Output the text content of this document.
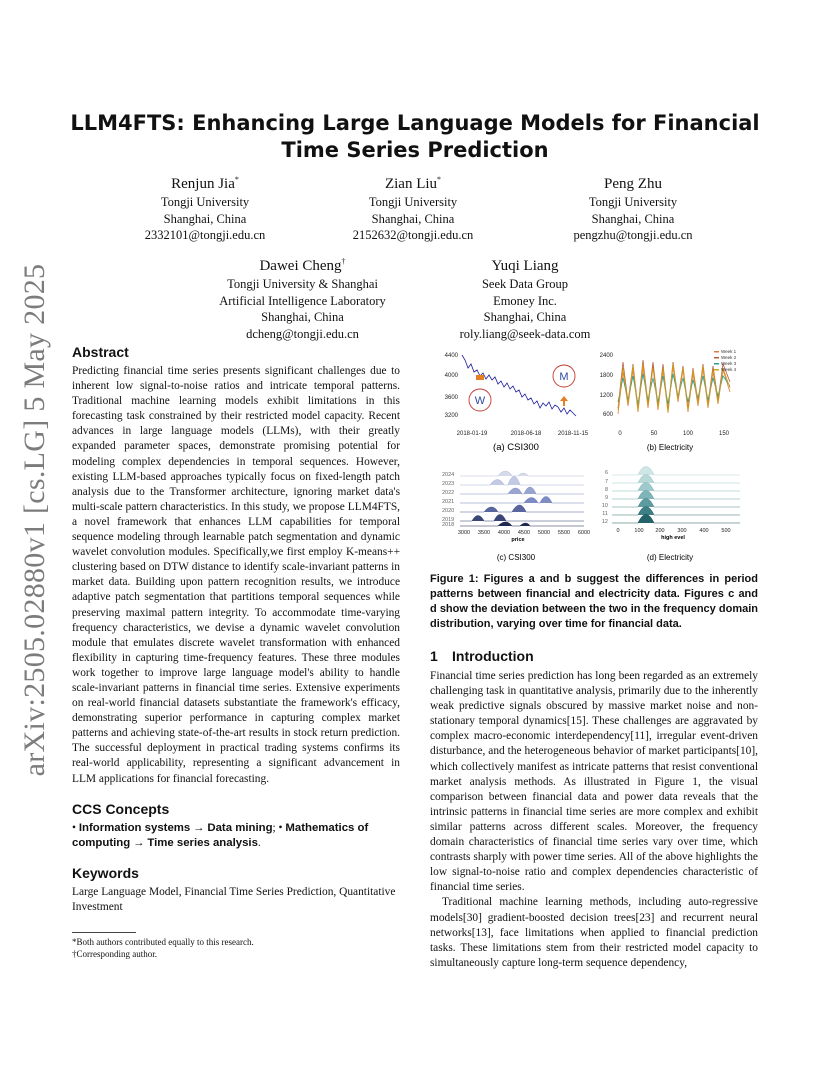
arXiv:2505.02880v1 [cs.LG] 5 May 2025
LLM4FTS: Enhancing Large Language Models for Financial Time Series Prediction
Renjun Jia*
Tongji University
Shanghai, China
2332101@tongji.edu.cn
Zian Liu*
Tongji University
Shanghai, China
2152632@tongji.edu.cn
Peng Zhu
Tongji University
Shanghai, China
pengzhu@tongji.edu.cn
Dawei Cheng†
Tongji University & Shanghai
Artificial Intelligence Laboratory
Shanghai, China
dcheng@tongji.edu.cn
Yuqi Liang
Seek Data Group
Emoney Inc.
Shanghai, China
roly.liang@seek-data.com
Abstract

Predicting financial time series presents significant challenges due to inherent low signal-to-noise ratios and intricate temporal patterns. Traditional machine learning models exhibit limitations in this forecasting task constrained by their restricted model capacity. Recent advances in large language models (LLMs), with their greatly expanded parameter spaces, demonstrate promising potential for modeling complex dependencies in temporal sequences. However, existing LLM-based approaches typically focus on fixed-length patch analysis due to the Transformer architecture, ignoring market data's multi-scale pattern characteristics. In this study, we propose LLM4FTS, a novel framework that enhances LLM capabilities for temporal sequence modeling through learnable patch segmentation and dynamic wavelet convolution modules. Specifically,we first employ K-means++ clustering based on DTW distance to identify scale-invariant patterns in market data. Building upon pattern recognition results, we introduce adaptive patch segmentation that partitions temporal sequences while preserving maximal pattern integrity. To accommodate time-varying frequency characteristics, we devise a dynamic wavelet convolution module that emulates discrete wavelet transformation with enhanced flexibility in capturing time-frequency features. These three modules work together to improve large language model's ability to handle scale-invariant patterns in financial time series. Extensive experiments on real-world financial datasets substantiate the framework's efficacy, demonstrating superior performance in capturing complex market patterns and achieving state-of-the-art results in stock return prediction. The successful deployment in practical trading systems confirms its real-world applicability, representing a significant advancement in LLM applications for financial forecasting.

CCS Concepts
• Information systems → Data mining; • Mathematics of computing → Time series analysis.
Keywords
Large Language Model, Financial Time Series Prediction, Quantitative Investment
*Both authors contributed equally to this research.
†Corresponding author.
4400
4000
3600
3200
W
M
2018-01-19	2018-06-18	2018-11-15
(a) CSI300
2400
1800
1200
600
Week 1
Week 2
Week 3
Week 4
0	50	100	150
(b) Electricity
2024
2023
2022
2021
2020
2019
2018
3000 3500 4000 4500 5000 5500 6000
price
(c) CSI300
6
7
8
9
10
11
12
0	100 200 300 400 500
high evel
(d) Electricity
Figure 1: Figures a and b suggest the differences in period patterns between financial and electricity data. Figures c and d show the deviation between the two in the frequency domain distribution, varying over time for financial data.
1 Introduction

Financial time series prediction has long been regarded as an extremely challenging task in quantitative analysis, primarily due to the inherently weak predictive signals obscured by massive market noise and non-stationary temporal dynamics[15]. These challenges are aggravated by complex macro-economic interdependency[11], irregular event-driven disturbance, and the heterogeneous behavior of market participants[10], which collectively manifest as intricate patterns that resist conventional market analysis methods. As illustrated in Figure 1, the visual comparison between financial data and power data reveals that the intrinsic patterns in financial time series are more complex and exhibit similar patterns across different scales. Moreover, the frequency domain characteristics of financial time series vary over time, which contrasts sharply with power time series. All of the above highlights the low signal-to-noise ratio and complex dependencies characteristic of financial time series.

Traditional machine learning methods, including auto-regressive models[30] gradient-boosted decision trees[23] and recurrent neural networks[13], face limitations when applied to financial prediction tasks. These limitations stem from their restricted model capacity to simultaneously capture long-term sequence dependency,
